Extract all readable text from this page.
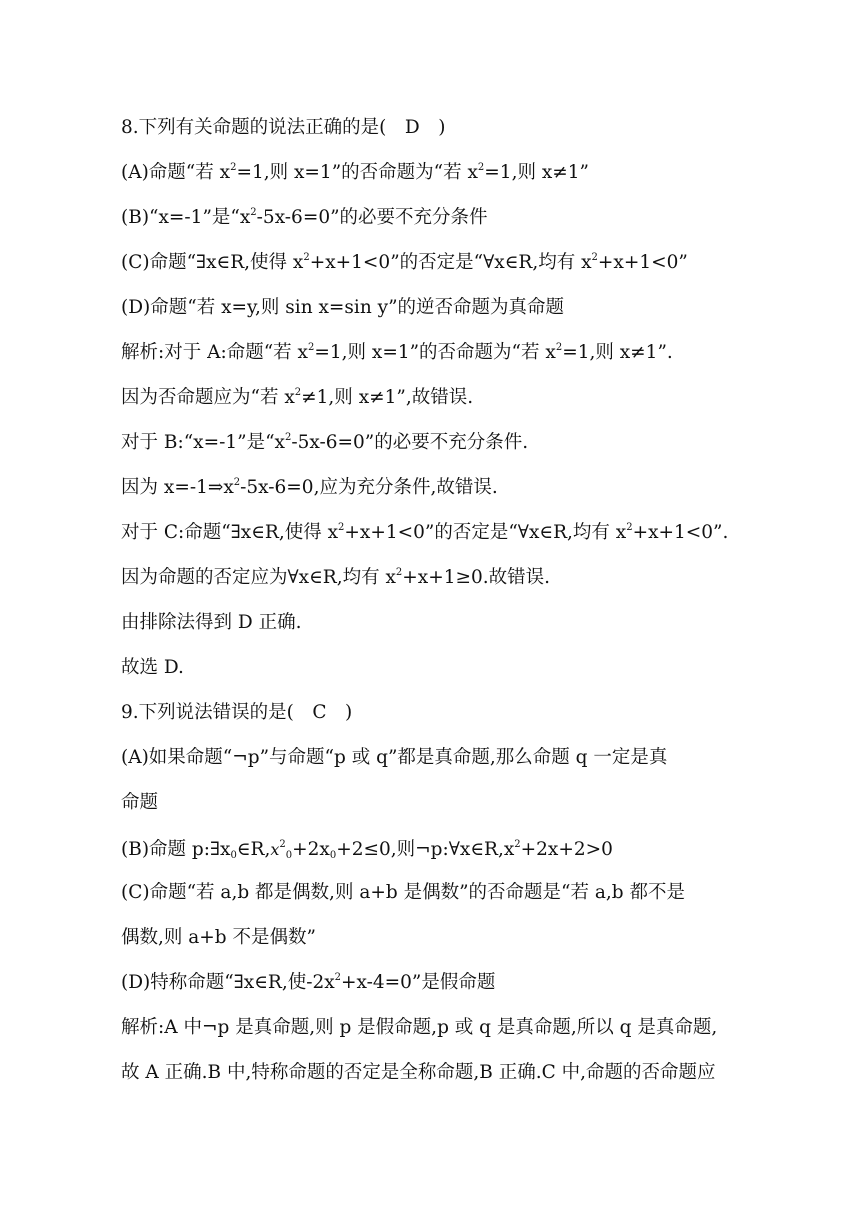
8.下列有关命题的说法正确的是(　D　)
(A)命题“若 $x^2=1$,则 x=1”的否命题为“若 $x^2=1$,则 x≠1”
(B)“x=-1”是“$x^2-5x-6=0$”的必要不充分条件
(C)命题“∃x∈R,使得 $x^2+x+1<0$”的否定是“∀x∈R,均有 $x^2+x+1<0$”
(D)命题“若 x=y,则 sin x=sin y”的逆否命题为真命题
解析:对于 A:命题“若 $x^2=1$,则 x=1”的否命题为“若 $x^2=1$,则 x≠1”.
因为否命题应为“若 $x^2\ne 1$,则 x≠1”,故错误.
对于 B:“x=-1”是“$x^2-5x-6=0$”的必要不充分条件.
因为 $x=-1\Rightarrow x^2-5x-6=0$,应为充分条件,故错误.
对于 C:命题“∃x∈R,使得 $x^2+x+1<0$”的否定是“∀x∈R,均有 $x^2+x+1<0$”.
因为命题的否定应为∀x∈R,均有 $x^2+x+1\ge 0$.故错误.
由排除法得到 D 正确.
故选 D.
9.下列说法错误的是(　C　)
(A)如果命题“¬p”与命题“p 或 q”都是真命题,那么命题 q 一定是真
命题
(B)命题 $p:\exists x_0\in R,x^2_0+2x_0+2\le 0$,则$\neg p:\forall x\in R,x^2+2x+2>0$
(C)命题“若 a,b 都是偶数,则 a+b 是偶数”的否命题是“若 a,b 都不是
偶数,则 a+b 不是偶数”
(D)特称命题“∃x∈R,使$-2x^2+x-4=0$”是假命题
解析:A 中¬p 是真命题,则 p 是假命题,p 或 q 是真命题,所以 q 是真命题,
故 A 正确.B 中,特称命题的否定是全称命题,B 正确.C 中,命题的否命题应
